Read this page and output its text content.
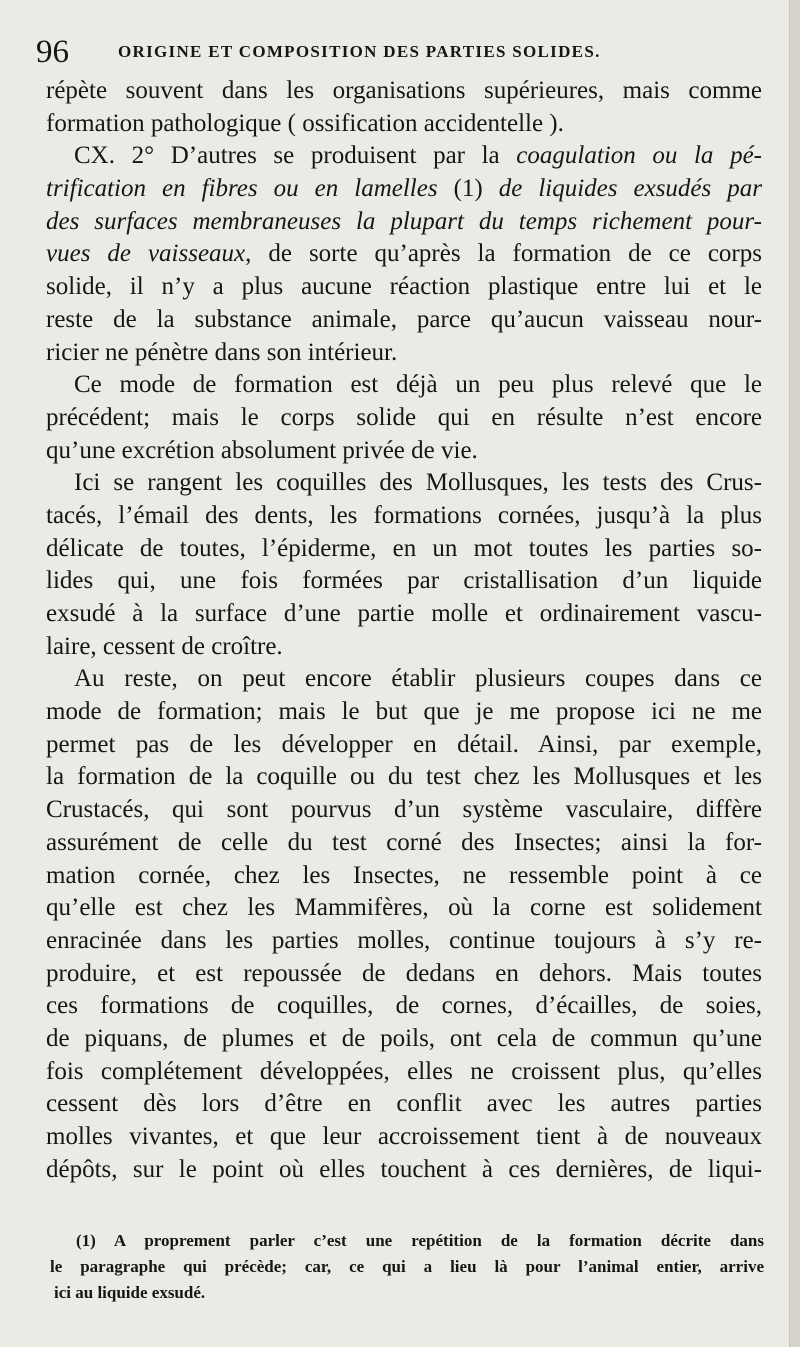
96	ORIGINE ET COMPOSITION DES PARTIES SOLIDES.
répète souvent dans les organisations supérieures, mais comme
formation pathologique ( ossification accidentelle ).
CX. 2° D’autres se produisent par la coagulation ou la pé-
trification en fibres ou en lamelles (1) de liquides exsudés par
des surfaces membraneuses la plupart du temps richement pour-
vues de vaisseaux, de sorte qu’après la formation de ce corps
solide, il n’y a plus aucune réaction plastique entre lui et le
reste de la substance animale, parce qu’aucun vaisseau nour-
ricier ne pénètre dans son intérieur.
Ce mode de formation est déjà un peu plus relevé que le
précédent; mais le corps solide qui en résulte n’est encore
qu’une excrétion absolument privée de vie.
Ici se rangent les coquilles des Mollusques, les tests des Crus-
tacés, l’émail des dents, les formations cornées, jusqu’à la plus
délicate de toutes, l’épiderme, en un mot toutes les parties so-
lides qui, une fois formées par cristallisation d’un liquide
exsudé à la surface d’une partie molle et ordinairement vascu-
laire, cessent de croître.
Au reste, on peut encore établir plusieurs coupes dans ce
mode de formation; mais le but que je me propose ici ne me
permet pas de les développer en détail. Ainsi, par exemple,
la formation de la coquille ou du test chez les Mollusques et les
Crustacés, qui sont pourvus d’un système vasculaire, diffère
assurément de celle du test corné des Insectes; ainsi la for-
mation cornée, chez les Insectes, ne ressemble point à ce
qu’elle est chez les Mammifères, où la corne est solidement
enracinée dans les parties molles, continue toujours à s’y re-
produire, et est repoussée de dedans en dehors. Mais toutes
ces formations de coquilles, de cornes, d’écailles, de soies,
de piquans, de plumes et de poils, ont cela de commun qu’une
fois complétement développées, elles ne croissent plus, qu’elles
cessent dès lors d’être en conflit avec les autres parties
molles vivantes, et que leur accroissement tient à de nouveaux
dépôts, sur le point où elles touchent à ces dernières, de liqui-
(1) A proprement parler c’est une repétition de la formation décrite dans
le paragraphe qui précède; car, ce qui a lieu là pour l’animal entier, arrive
ici au liquide exsudé.
